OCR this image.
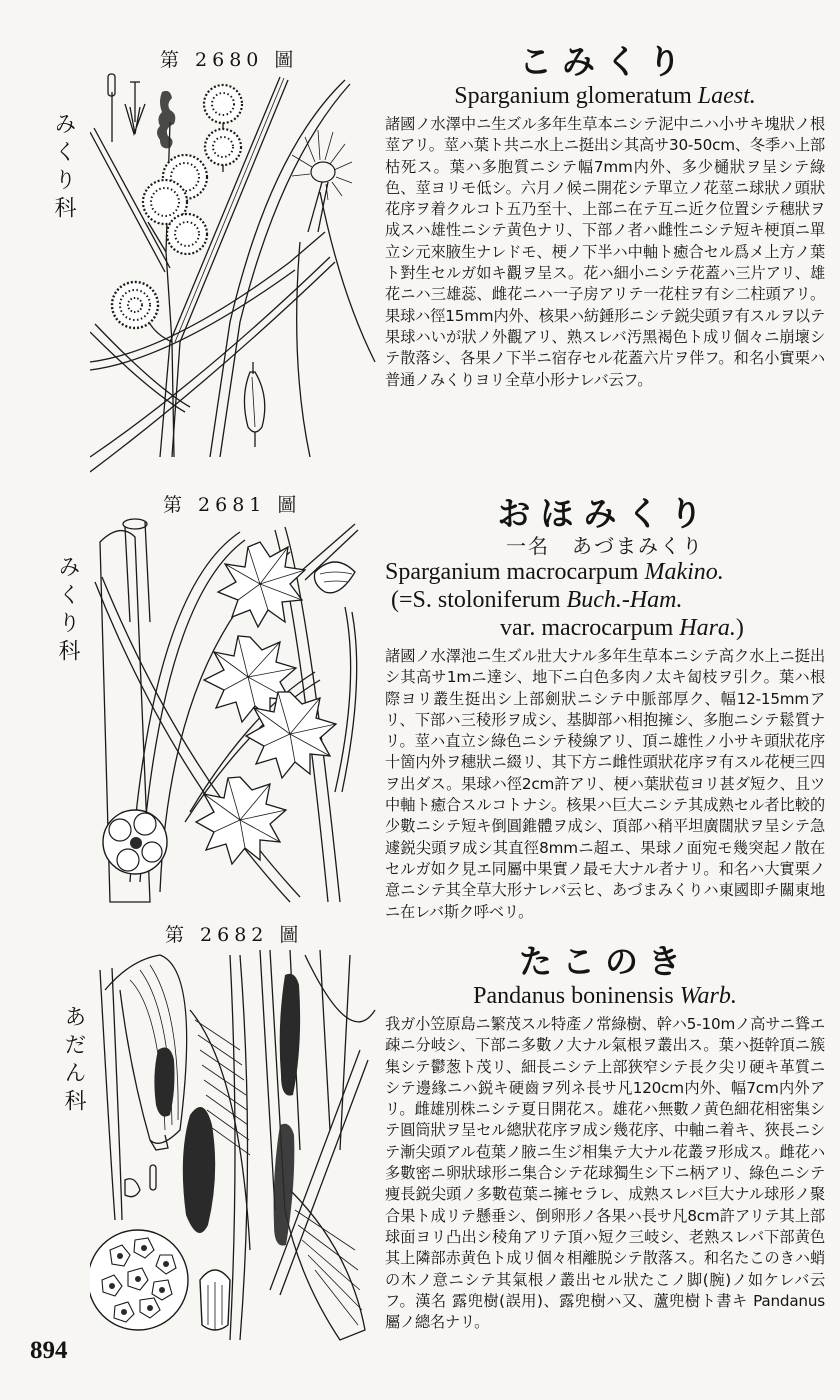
第 2680 圖
みくり科
こみくり
Sparganium glomeratum Laest.
諸國ノ水澤中ニ生ズル多年生草本ニシテ泥中ニハ小サキ塊狀ノ根莖アリ。莖ハ葉ト共ニ水上ニ挺出シ其高サ30-50cm、冬季ハ上部枯死ス。葉ハ多胞質ニシテ幅7mm内外、多少樋狀ヲ呈シテ綠色、莖ヨリモ低シ。六月ノ候ニ開花シテ單立ノ花莖ニ球狀ノ頭狀花序ヲ着クルコト五乃至十、上部ニ在テ互ニ近ク位置シテ穗狀ヲ成スハ雄性ニシテ黄色ナリ、下部ノ者ハ雌性ニシテ短キ梗頂ニ單立シ元來腋生ナレドモ、梗ノ下半ハ中軸ト癒合セル爲メ上方ノ葉ト對生セルガ如キ觀ヲ呈ス。花ハ細小ニシテ花蓋ハ三片アリ、雄花ニハ三雄蕊、雌花ニハ一子房アリテ一花柱ヲ有シ二柱頭アリ。果球ハ徑15mm内外、核果ハ紡錘形ニシテ鋭尖頭ヲ有スルヲ以テ果球ハいが狀ノ外觀アリ、熟スレバ汚黑褐色ト成リ個々ニ崩壞シテ散落シ、各果ノ下半ニ宿存セル花蓋六片ヲ伴フ。和名小實栗ハ普通ノみくりヨリ全草小形ナレバ云フ。
第 2681 圖
みくり科
おほみくり
一名 あづまみくり
Sparganium macrocarpum Makino.
(=S. stoloniferum Buch.-Ham.
var. macrocarpum Hara.)
諸國ノ水澤池ニ生ズル壯大ナル多年生草本ニシテ高ク水上ニ挺出シ其高サ1mニ達シ、地下ニ白色多肉ノ太キ匐枝ヲ引ク。葉ハ根際ヨリ叢生挺出シ上部劍狀ニシテ中脈部厚ク、幅12-15mmアリ、下部ハ三稜形ヲ成シ、基脚部ハ相抱擁シ、多胞ニシテ鬆質ナリ。莖ハ直立シ綠色ニシテ稜線アリ、頂ニ雄性ノ小サキ頭狀花序十箇内外ヲ穗狀ニ綴リ、其下方ニ雌性頭狀花序ヲ有スル花梗三四ヲ出ダス。果球ハ徑2cm許アリ、梗ハ葉狀苞ヨリ甚ダ短ク、且ツ中軸ト癒合スルコトナシ。核果ハ巨大ニシテ其成熟セル者比較的少數ニシテ短キ倒圓錐體ヲ成シ、頂部ハ稍平坦廣闊狀ヲ呈シテ急遽鋭尖頭ヲ成シ其直徑8mmニ超エ、果球ノ面宛モ幾突起ノ散在セルガ如ク見エ同屬中果實ノ最モ大ナル者ナリ。和名ハ大實栗ノ意ニシテ其全草大形ナレバ云ヒ、あづまみくりハ東國即チ關東地ニ在レバ斯ク呼ベリ。
第 2682 圖
あだん科
たこのき
Pandanus boninensis Warb.
我ガ小笠原島ニ繁茂スル特產ノ常綠樹、幹ハ5-10mノ高サニ聳エ疎ニ分岐シ、下部ニ多數ノ大ナル氣根ヲ叢出ス。葉ハ挺幹頂ニ簇集シテ鬱葱ト茂リ、細長ニシテ上部狹窄シテ長ク尖リ硬キ革質ニシテ邊緣ニハ鋭キ硬齒ヲ列ネ長サ凡120cm内外、幅7cm内外アリ。雌雄別株ニシテ夏日開花ス。雄花ハ無數ノ黄色細花相密集シテ圓筒狀ヲ呈セル總狀花序ヲ成シ幾花序、中軸ニ着キ、狹長ニシテ漸尖頭アル苞葉ノ腋ニ生ジ相集テ大ナル花叢ヲ形成ス。雌花ハ多數密ニ卵狀球形ニ集合シテ花球獨生シ下ニ柄アリ、綠色ニシテ痩長鋭尖頭ノ多數苞葉ニ擁セラレ、成熟スレバ巨大ナル球形ノ聚合果ト成リテ懸垂シ、倒卵形ノ各果ハ長サ凡8cm許アリテ其上部球面ヨリ凸出シ稜角アリテ頂ハ短ク三岐シ、老熟スレバ下部黄色其上隣部赤黄色ト成リ個々相離脱シテ散落ス。和名たこのきハ蛸の木ノ意ニシテ其氣根ノ叢出セル狀たこノ脚(腕)ノ如ケレバ云フ。漢名 露兜樹(誤用)、露兜樹ハ又、蘆兜樹ト書キ Pandanus 屬ノ總名ナリ。
894
